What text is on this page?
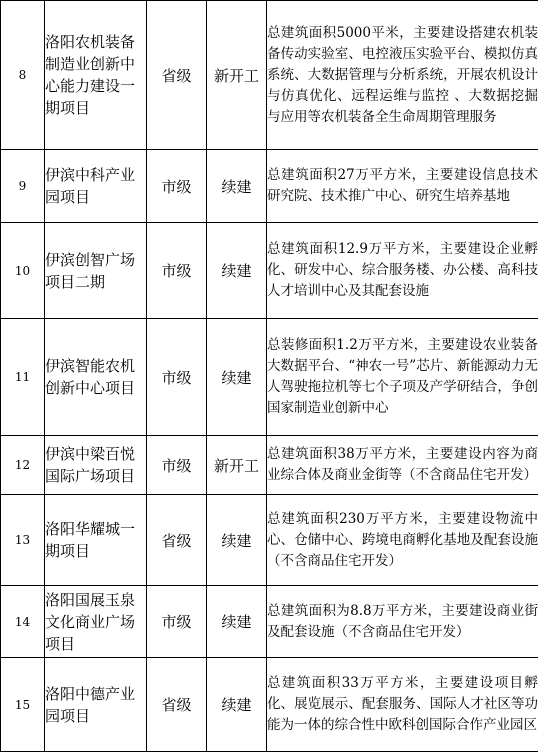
8	洛阳农机装备制造业创新中心能力建设一期项目	省级	新开工	总建筑面积5000平米，主要建设搭建农机装备传动实验室、电控液压实验平台、模拟仿真系统、大数据管理与分析系统，开展农机设计与仿真优化、远程运维与监控 、大数据挖掘与应用等农机装备全生命周期管理服务
9	伊滨中科产业园项目	市级	续建	总建筑面积27万平方米，主要建设信息技术研究院、技术推广中心、研究生培养基地
10	伊滨创智广场项目二期	市级	续建	总建筑面积12.9万平方米，主要建设企业孵化、研发中心、综合服务楼、办公楼、高科技人才培训中心及其配套设施
11	伊滨智能农机创新中心项目	市级	续建	总装修面积1.2万平方米，主要建设农业装备大数据平台、“神农一号”芯片、新能源动力无人驾驶拖拉机等七个子项及产学研结合，争创国家制造业创新中心
12	伊滨中梁百悦国际广场项目	市级	新开工	总建筑面积38万平方米，主要建设内容为商业综合体及商业金街等（不含商品住宅开发）
13	洛阳华耀城一期项目	省级	续建	总建筑面积230万平方米，主要建设物流中心、仓储中心、跨境电商孵化基地及配套设施（不含商品住宅开发）
14	洛阳国展玉泉文化商业广场项目	市级	续建	总建筑面积为8.8万平方米，主要建设商业街及配套设施（不含商品住宅开发）
15	洛阳中德产业园项目	省级	续建	总建筑面积33万平方米，主要建设项目孵化、展览展示、配套服务、国际人才社区等功能为一体的综合性中欧科创国际合作产业园区
